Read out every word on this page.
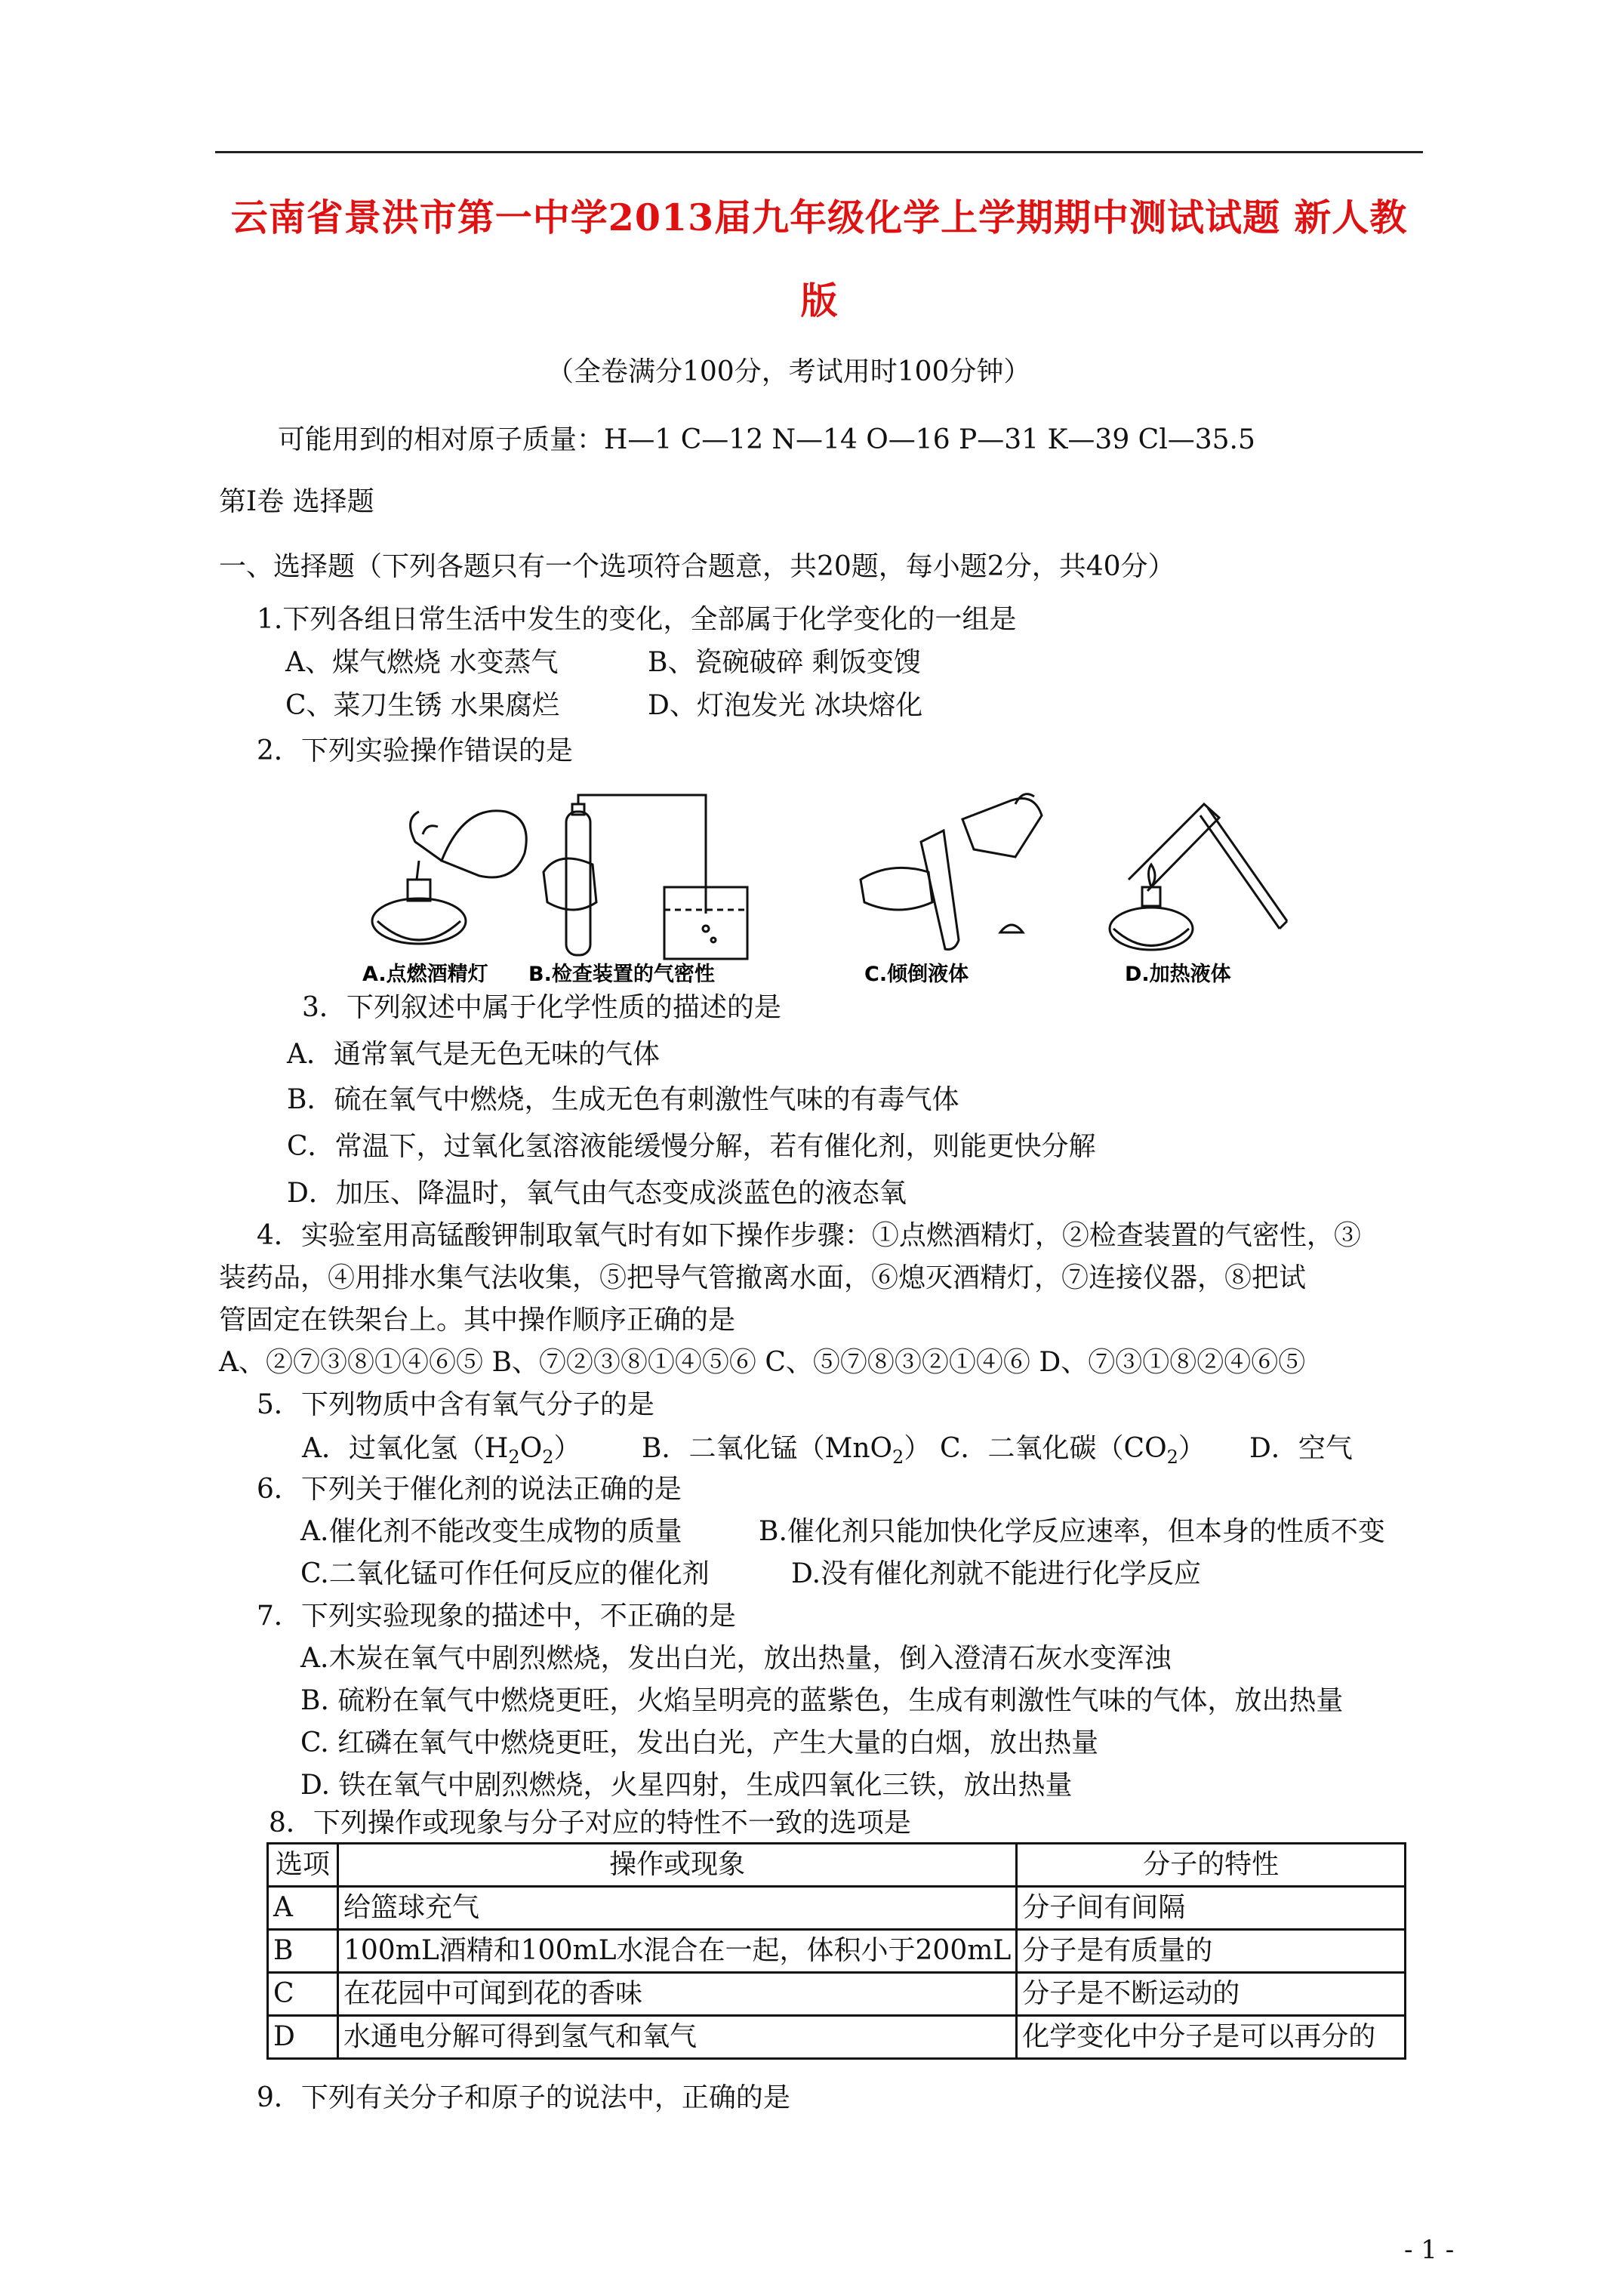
云南省景洪市第一中学2013届九年级化学上学期期中测试试题 新人教
版
（全卷满分100分，考试用时100分钟）
可能用到的相对原子质量：H—1 C—12 N—14 O—16 P—31 K—39 Cl—35.5
第Ⅰ卷 选择题
一、选择题（下列各题只有一个选项符合题意，共20题，每小题2分，共40分）
1.下列各组日常生活中发生的变化，全部属于化学变化的一组是
A、煤气燃烧 水变蒸气	B、瓷碗破碎 剩饭变馊
C、菜刀生锈 水果腐烂	D、灯泡发光 冰块熔化
2．下列实验操作错误的是
A.点燃酒精灯 B.检查装置的气密性	C.倾倒液体	D.加热液体
3．下列叙述中属于化学性质的描述的是
A．通常氧气是无色无味的气体
B．硫在氧气中燃烧，生成无色有刺激性气味的有毒气体
C．常温下，过氧化氢溶液能缓慢分解，若有催化剂，则能更快分解
D．加压、降温时，氧气由气态变成淡蓝色的液态氧
4．实验室用高锰酸钾制取氧气时有如下操作步骤：①点燃酒精灯，②检查装置的气密性，③
装药品，④用排水集气法收集，⑤把导气管撤离水面，⑥熄灭酒精灯，⑦连接仪器，⑧把试
管固定在铁架台上。其中操作顺序正确的是
A、②⑦③⑧①④⑥⑤ B、⑦②③⑧①④⑤⑥ C、⑤⑦⑧③②①④⑥ D、⑦③①⑧②④⑥⑤
5．下列物质中含有氧气分子的是
A．过氧化氢$(H_2O_2)$ B．二氧化锰（MnO$_2$） C．二氧化碳$(CO_2)$ D．空气
6．下列关于催化剂的说法正确的是
A.催化剂不能改变生成物的质量	B.催化剂只能加快化学反应速率，但本身的性质不变
C.二氧化锰可作任何反应的催化剂	D.没有催化剂就不能进行化学反应
7．下列实验现象的描述中，不正确的是
A.木炭在氧气中剧烈燃烧，发出白光，放出热量，倒入澄清石灰水变浑浊
B. 硫粉在氧气中燃烧更旺，火焰呈明亮的蓝紫色，生成有刺激性气味的气体，放出热量
C. 红磷在氧气中燃烧更旺，发出白光，产生大量的白烟，放出热量
D. 铁在氧气中剧烈燃烧，火星四射，生成四氧化三铁，放出热量
8．下列操作或现象与分子对应的特性不一致的选项是
选项	操作或现象	分子的特性
A	给篮球充气	分子间有间隔
B	100mL酒精和100mL水混合在一起，体积小于200mL	分子是有质量的
C	在花园中可闻到花的香味	分子是不断运动的
D	水通电分解可得到氢气和氧气	化学变化中分子是可以再分的
9．下列有关分子和原子的说法中，正确的是
- 1 -
